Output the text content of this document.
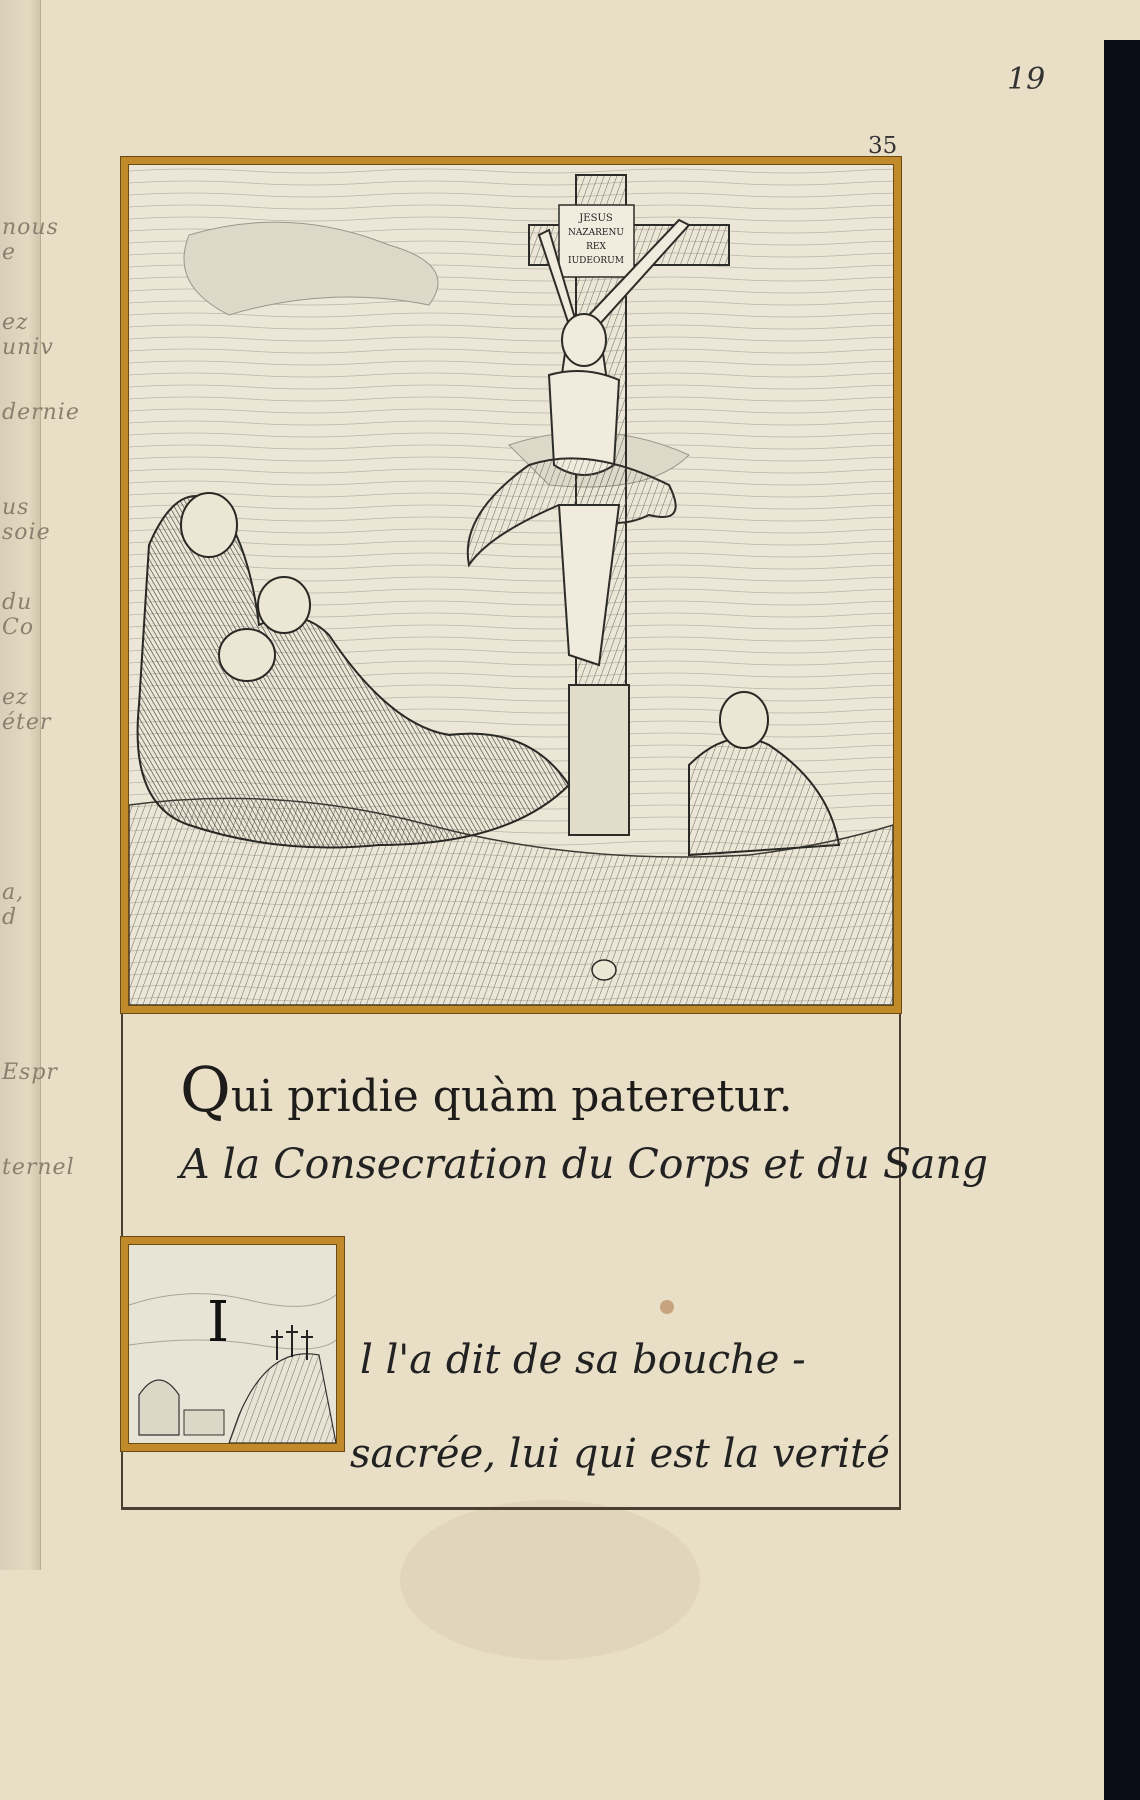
nous e
ez univ
dernie
us soie
du Co
ez éter
a, d
Espr
ternel
19
35
JESUS
NAZARENU
REX
IUDEORUM
Qui pridie quàm pateretur.
A la Consecration du Corps et du Sang
I
l l'a dit de sa bouche -
sacrée, lui qui est la verité
